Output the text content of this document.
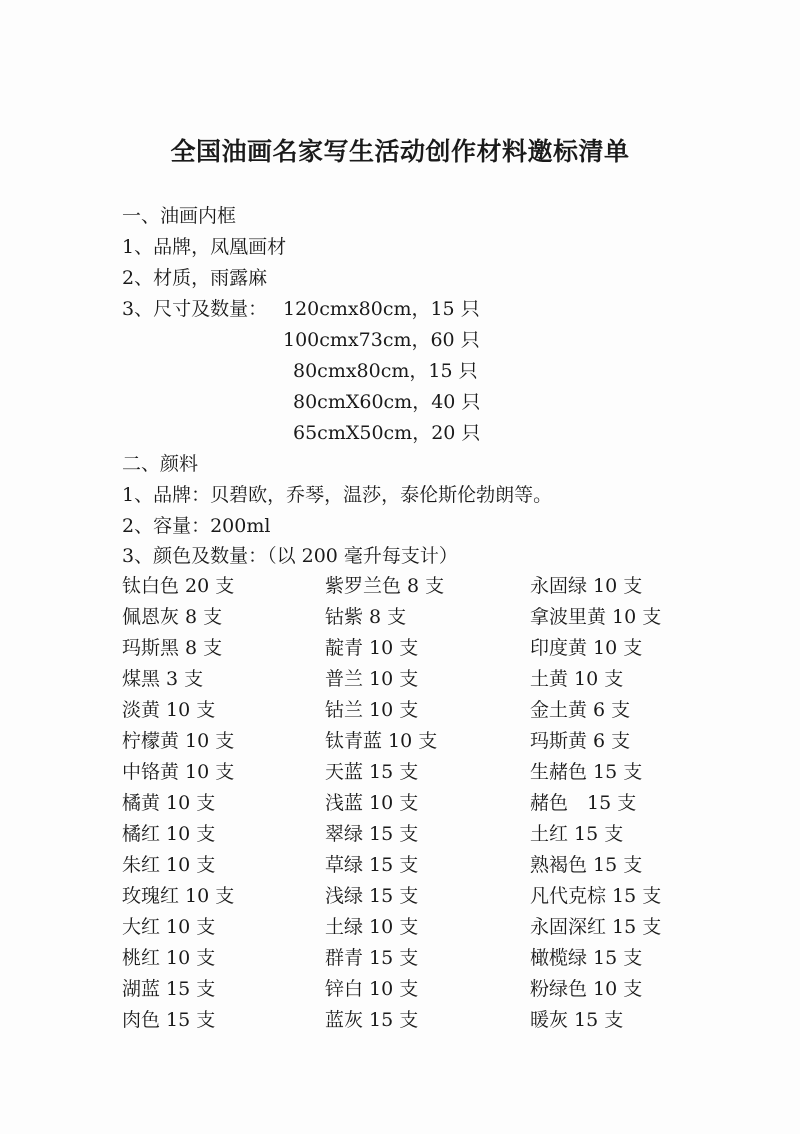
全国油画名家写生活动创作材料邀标清单
一、油画内框
1、品牌，凤凰画材
2、材质，雨露麻
3、尺寸及数量： 120cmx80cm，15 只
100cmx73cm，60 只
80cmx80cm，15 只
80cmX60cm，40 只
65cmX50cm，20 只
二、颜料
1、品牌：贝碧欧，乔琴，温莎，泰伦斯伦勃朗等。
2、容量：200ml
3、颜色及数量：（以 200 毫升每支计）
钛白色 20 支	紫罗兰色 8 支	永固绿 10 支
佩恩灰 8 支	钴紫 8 支	拿波里黄 10 支
玛斯黑 8 支	靛青 10 支	印度黄 10 支
煤黑 3 支	普兰 10 支	土黄 10 支
淡黄 10 支	钴兰 10 支	金土黄 6 支
柠檬黄 10 支	钛青蓝 10 支	玛斯黄 6 支
中铬黄 10 支	天蓝 15 支	生赭色 15 支
橘黄 10 支	浅蓝 10 支	赭色　15 支
橘红 10 支	翠绿 15 支	土红 15 支
朱红 10 支	草绿 15 支	熟褐色 15 支
玫瑰红 10 支	浅绿 15 支	凡代克棕 15 支
大红 10 支	土绿 10 支	永固深红 15 支
桃红 10 支	群青 15 支	橄榄绿 15 支
湖蓝 15 支	锌白 10 支	粉绿色 10 支
肉色 15 支	蓝灰 15 支	暖灰 15 支
